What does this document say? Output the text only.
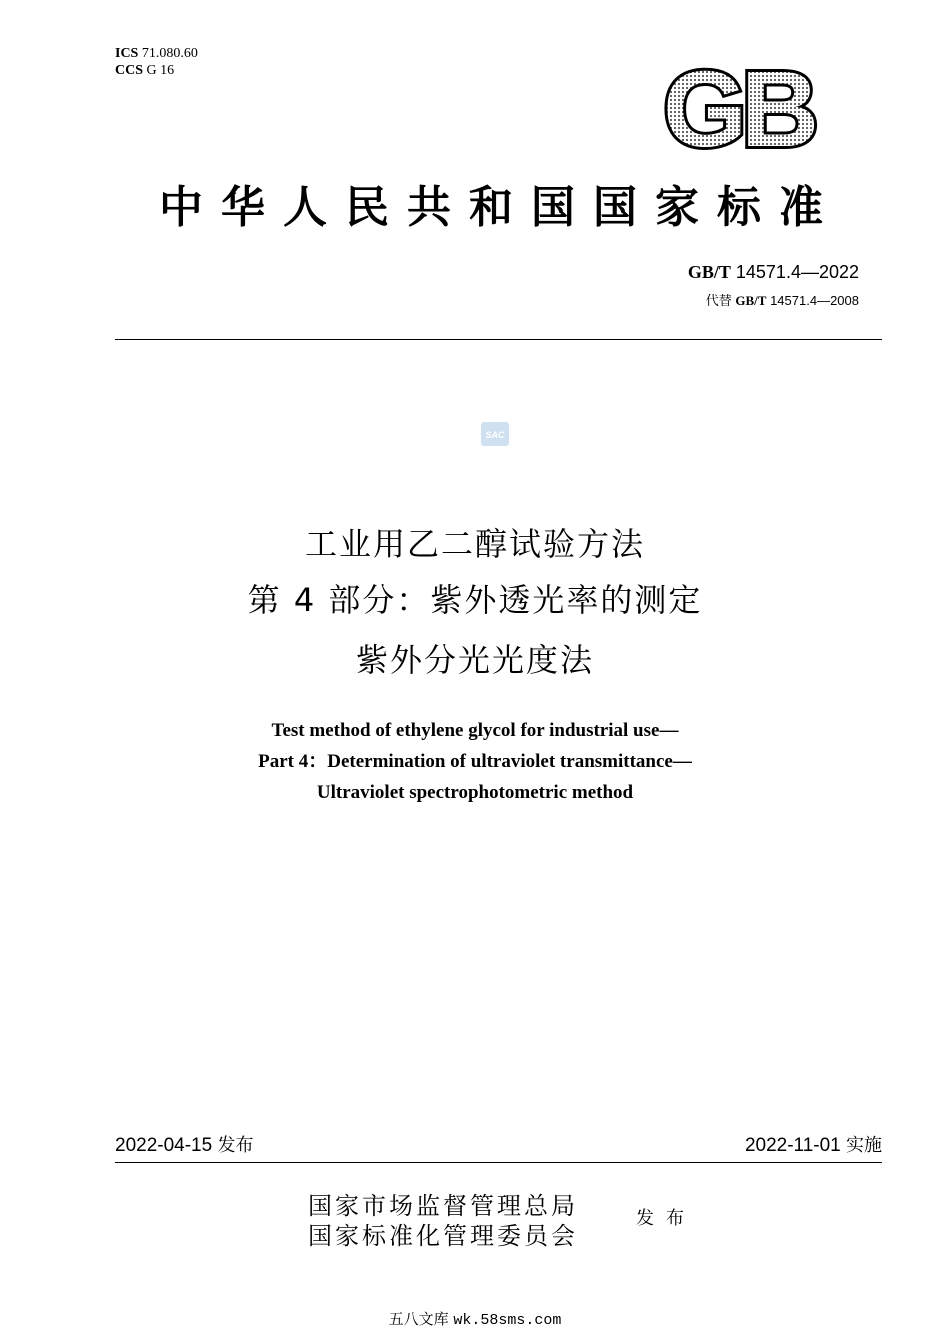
ICS 71.080.60
CCS G 16	GB
中华人民共和国国家标准
GB/T 14571.4—2022
代替 GB/T 14571.4—2008
SAC
工业用乙二醇试验方法
第 4 部分：紫外透光率的测定
紫外分光光度法
Test method of ethylene glycol for industrial use—
Part 4：Determination of ultraviolet transmittance—
Ultraviolet spectrophotometric method
2022-04-15 发布	2022-11-01 实施
国家市场监督管理总局
国家标准化管理委员会
发布
五八文库 wk.58sms.com
